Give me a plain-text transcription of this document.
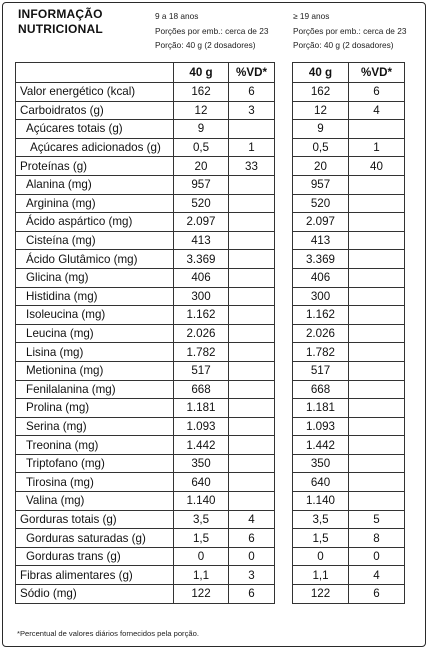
INFORMAÇÃO
NUTRICIONAL
9 a 18 anos
Porções por emb.: cerca de 23
Porção: 40 g (2 dosadores)
≥ 19 anos
Porções por emb.: cerca de 23
Porção: 40 g (2 dosadores)
	40 g	%VD*
Valor energético (kcal)	162	6
Carboidratos (g)	12	3
Açúcares totais (g)	9	
Açúcares adicionados (g)	0,5	1
Proteínas (g)	20	33
Alanina (mg)	957	
Arginina (mg)	520	
Ácido aspártico (mg)	2.097	
Cisteína (mg)	413	
Ácido Glutâmico (mg)	3.369	
Glicina (mg)	406	
Histidina (mg)	300	
Isoleucina (mg)	1.162	
Leucina (mg)	2.026	
Lisina (mg)	1.782	
Metionina (mg)	517	
Fenilalanina (mg)	668	
Prolina (mg)	1.181	
Serina (mg)	1.093	
Treonina (mg)	1.442	
Triptofano (mg)	350	
Tirosina (mg)	640	
Valina (mg)	1.140	
Gorduras totais (g)	3,5	4
Gorduras saturadas (g)	1,5	6
Gorduras trans (g)	0	0
Fibras alimentares (g)	1,1	3
Sódio (mg)	122	6
40 g	%VD*
162	6
12	4
9	
0,5	1
20	40
957	
520	
2.097	
413	
3.369	
406	
300	
1.162	
2.026	
1.782	
517	
668	
1.181	
1.093	
1.442	
350	
640	
1.140	
3,5	5
1,5	8
0	0
1,1	4
122	6
*Percentual de valores diários fornecidos pela porção.
